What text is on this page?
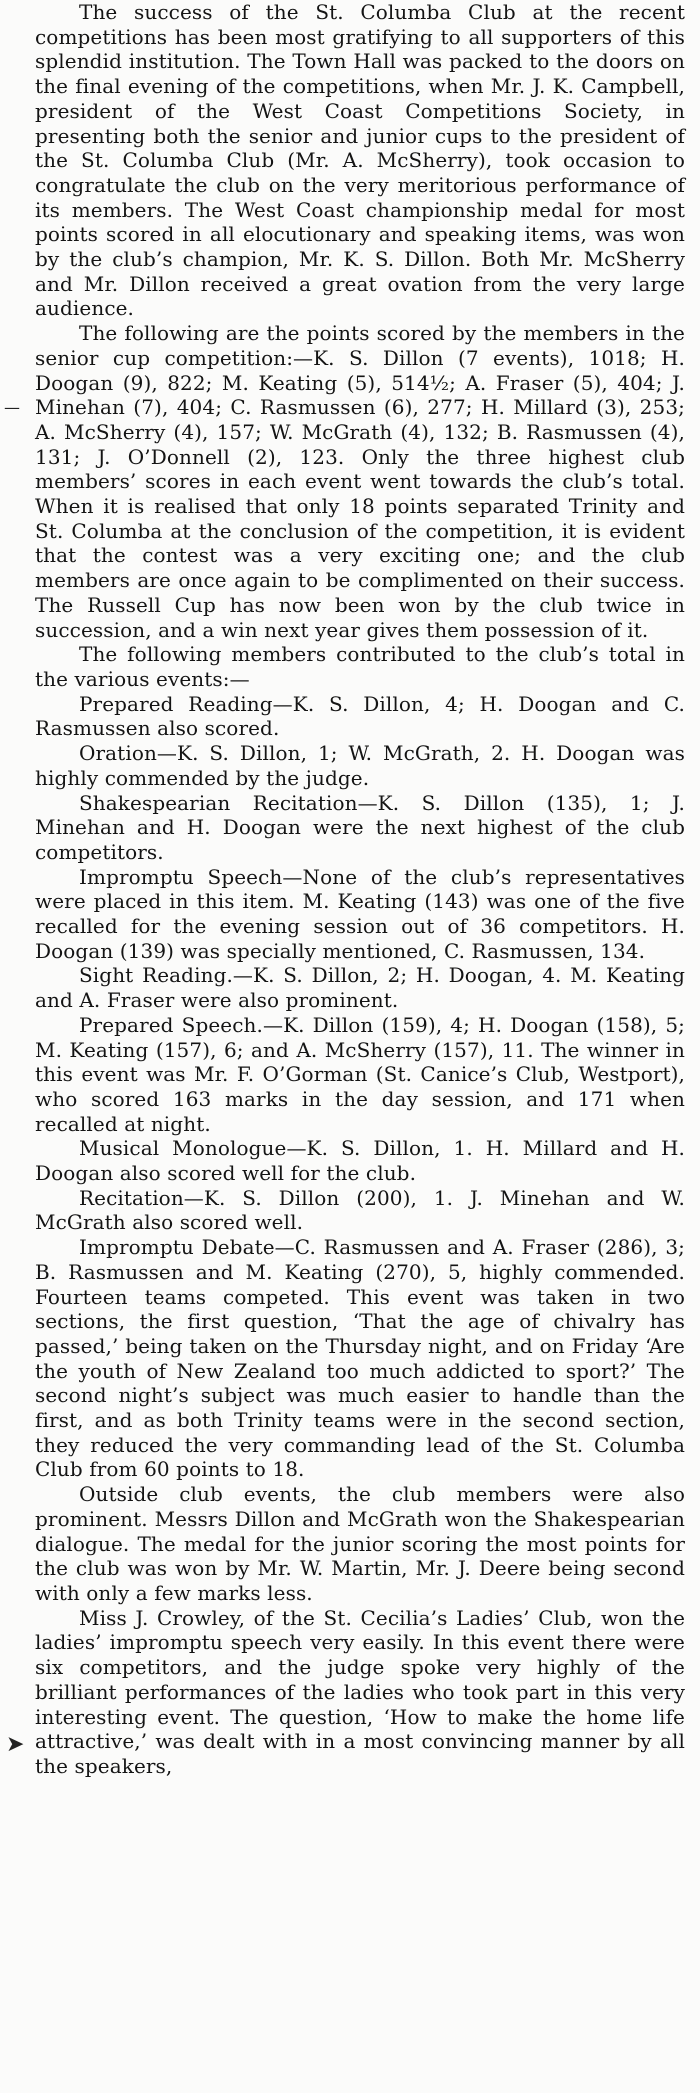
—
➤

The success of the St. Columba Club at the recent competitions has been most gratifying to all supporters of this splendid institution. The Town Hall was packed to the doors on the final evening of the competitions, when Mr. J. K. Campbell, president of the West Coast Competitions Society, in presenting both the senior and junior cups to the president of the St. Columba Club (Mr. A. McSherry), took occasion to congratulate the club on the very meritorious performance of its members. The West Coast championship medal for most points scored in all elocutionary and speaking items, was won by the club’s champion, Mr. K. S. Dillon. Both Mr. McSherry and Mr. Dillon received a great ovation from the very large audience.

The following are the points scored by the members in the senior cup competition:—K. S. Dillon (7 events), 1018; H. Doogan (9), 822; M. Keating (5), 514½; A. Fraser (5), 404; J. Minehan (7), 404; C. Rasmussen (6), 277; H. Millard (3), 253; A. McSherry (4), 157; W. McGrath (4), 132; B. Rasmussen (4), 131; J. O’Donnell (2), 123. Only the three highest club members’ scores in each event went towards the club’s total. When it is realised that only 18 points separated Trinity and St. Columba at the conclusion of the competition, it is evident that the contest was a very exciting one; and the club members are once again to be complimented on their success. The Russell Cup has now been won by the club twice in succession, and a win next year gives them possession of it.

The following members contributed to the club’s total in the various events:—

Prepared Reading—K. S. Dillon, 4; H. Doogan and C. Rasmussen also scored.

Oration—K. S. Dillon, 1; W. McGrath, 2. H. Doogan was highly commended by the judge.

Shakespearian Recitation—K. S. Dillon (135), 1; J. Minehan and H. Doogan were the next highest of the club competitors.

Impromptu Speech—None of the club’s representatives were placed in this item. M. Keating (143) was one of the five recalled for the evening session out of 36 competitors. H. Doogan (139) was specially mentioned, C. Rasmussen, 134.

Sight Reading.—K. S. Dillon, 2; H. Doogan, 4. M. Keating and A. Fraser were also prominent.

Prepared Speech.—K. Dillon (159), 4; H. Doogan (158), 5; M. Keating (157), 6; and A. McSherry (157), 11. The winner in this event was Mr. F. O’Gorman (St. Canice’s Club, Westport), who scored 163 marks in the day session, and 171 when recalled at night.

Musical Monologue—K. S. Dillon, 1. H. Millard and H. Doogan also scored well for the club.

Recitation—K. S. Dillon (200), 1. J. Minehan and W. McGrath also scored well.

Impromptu Debate—C. Rasmussen and A. Fraser (286), 3; B. Rasmussen and M. Keating (270), 5, highly commended. Fourteen teams competed. This event was taken in two sections, the first question, ‘That the age of chivalry has passed,’ being taken on the Thursday night, and on Friday ‘Are the youth of New Zealand too much addicted to sport?’ The second night’s subject was much easier to handle than the first, and as both Trinity teams were in the second section, they reduced the very commanding lead of the St. Columba Club from 60 points to 18.

Outside club events, the club members were also prominent. Messrs Dillon and McGrath won the Shakespearian dialogue. The medal for the junior scoring the most points for the club was won by Mr. W. Martin, Mr. J. Deere being second with only a few marks less.

Miss J. Crowley, of the St. Cecilia’s Ladies’ Club, won the ladies’ impromptu speech very easily. In this event there were six competitors, and the judge spoke very highly of the brilliant performances of the ladies who took part in this very interesting event. The question, ‘How to make the home life attractive,’ was dealt with in a most convincing manner by all the speakers,
